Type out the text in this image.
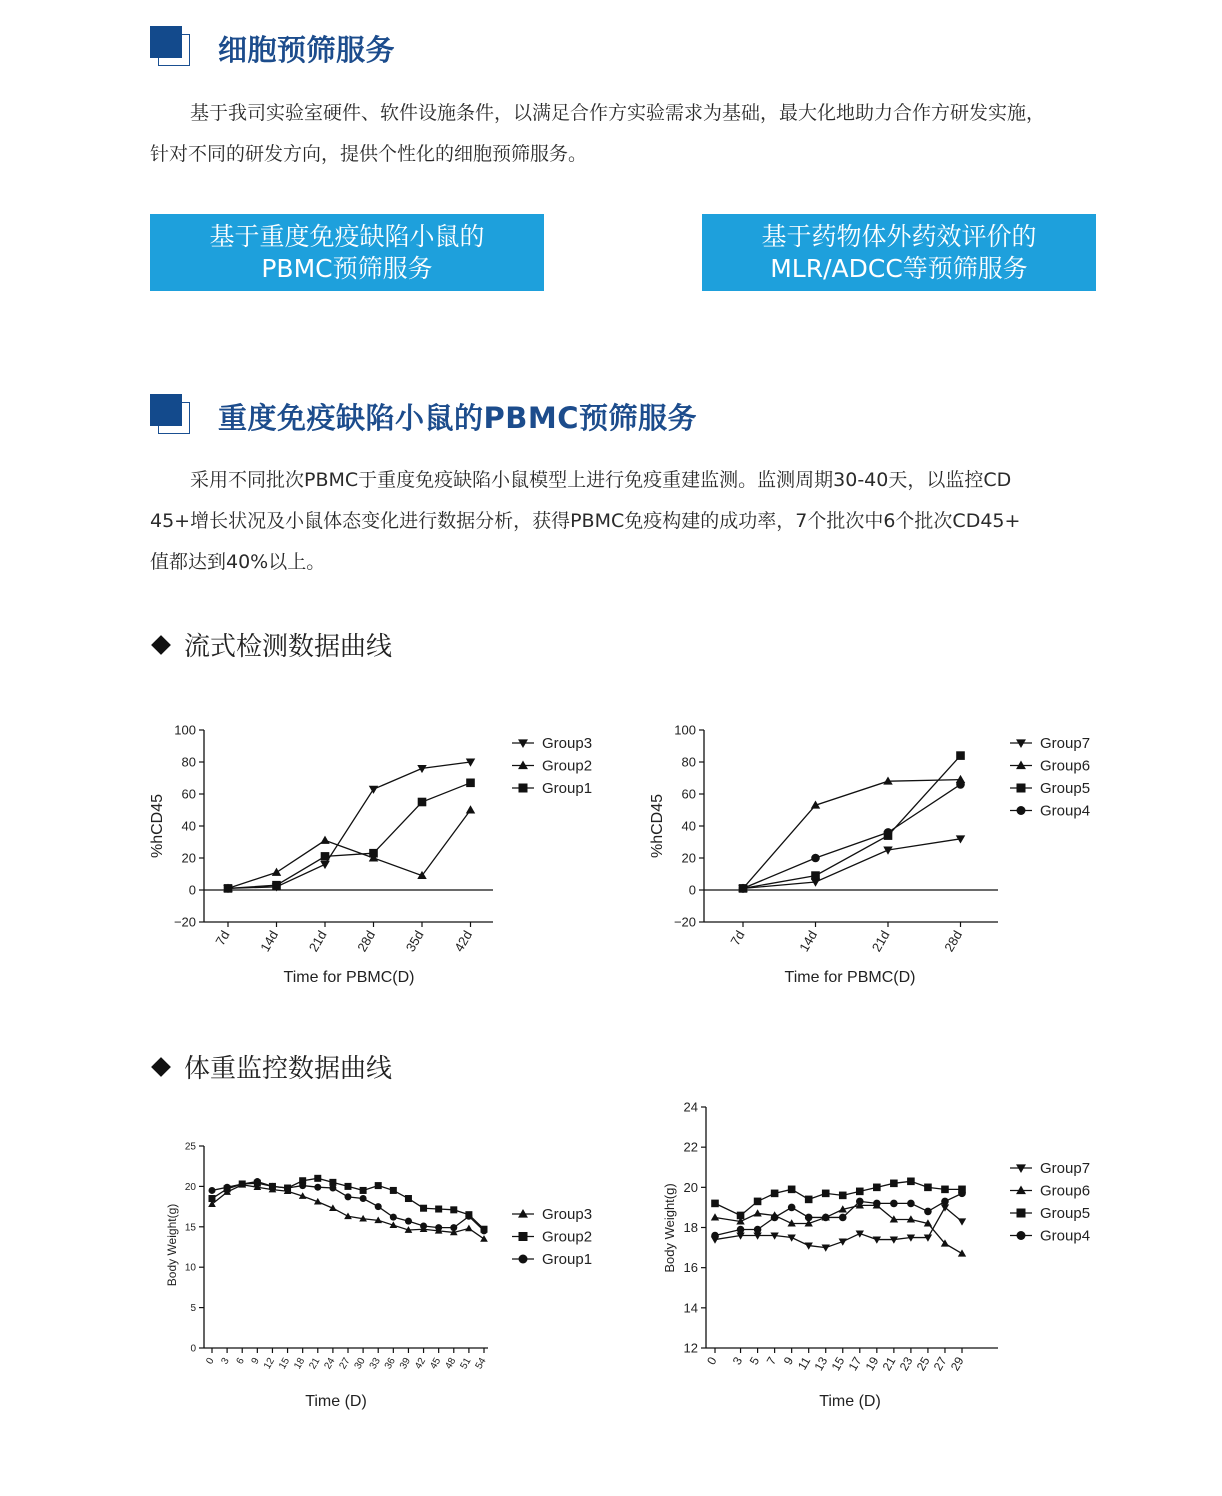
细胞预筛服务
基于我司实验室硬件、软件设施条件，以满足合作方实验需求为基础，最大化地助力合作方研发实施，
针对不同的研发方向，提供个性化的细胞预筛服务。
基于重度免疫缺陷小鼠的
PBMC预筛服务
基于药物体外药效评价的
MLR/ADCC等预筛服务
重度免疫缺陷小鼠的PBMC预筛服务
采用不同批次PBMC于重度免疫缺陷小鼠模型上进行免疫重建监测。监测周期30-40天，以监控CD
45+增长状况及小鼠体态变化进行数据分析，获得PBMC免疫构建的成功率，7个批次中6个批次CD45+
值都达到40%以上。
流式检测数据曲线
−20
0
20
40
60
80
100
7d 14d 21d 28d 35d 42d
Time for PBMC(D)
%hCD45
Group3
Group2
Group1
−20
0
20
40
60
80
100
7d	14d	21d	28d
Time for PBMC(D)
%hCD45
Group7
Group6
Group5
Group4
体重监控数据曲线
0
5
10
15
20
25
0 3 6 9 12 15 18 21 24 27 30 33 36 39 42 45 48 51 54
Time (D)
Body Weight(g)	Group3
Group2
Group1
12
14
16
18
20
22
24
0 3 5 7 9
11
13
15
17
19
21
23
25
27
29
Time (D)
Body Weight(g)
Group7
Group6
Group5
Group4
